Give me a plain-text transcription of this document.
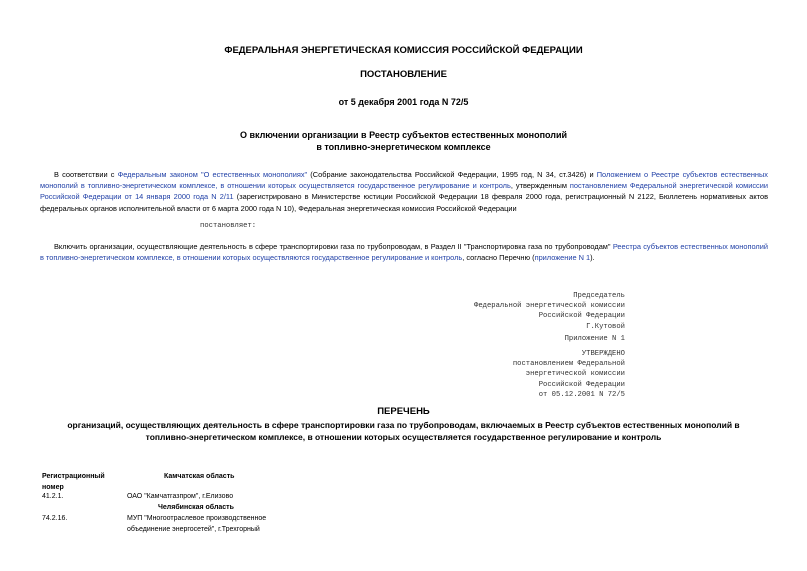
ФЕДЕРАЛЬНАЯ ЭНЕРГЕТИЧЕСКАЯ КОМИССИЯ РОССИЙСКОЙ ФЕДЕРАЦИИ
ПОСТАНОВЛЕНИЕ
от 5 декабря 2001 года N 72/5
О включении организации в Реестр субъектов естественных монополий
в топливно-энергетическом комплексе
В соответствии с Федеральным законом "О естественных монополиях" (Собрание законодательства Российской Федерации, 1995 год, N 34, ст.3426) и Положением о Реестре субъектов естественных монополий в топливно-энергетическом комплексе, в отношении которых осуществляется государственное регулирование и контроль, утвержденным постановлением Федеральной энергетической комиссии Российской Федерации от 14 января 2000 года N 2/11 (зарегистрировано в Министерстве юстиции Российской Федерации 18 февраля 2000 года, регистрационный N 2122, Бюллетень нормативных актов федеральных органов исполнительной власти от 6 марта 2000 года N 10), Федеральная энергетическая комиссия Российской Федерации
постановляет:
Включить организации, осуществляющие деятельность в сфере транспортировки газа по трубопроводам, в Раздел II "Транспортировка газа по трубопроводам" Реестра субъектов естественных монополий в топливно-энергетическом комплексе, в отношении которых осуществляются государственное регулирование и контроль, согласно Перечню (приложение N 1).
Председатель
Федеральной энергетической комиссии
Российской Федерации
Г.Кутовой
Приложение N 1
УТВЕРЖДЕНО
постановлением Федеральной
энергетической комиссии
Российской Федерации
от 05.12.2001 N 72/5
ПЕРЕЧЕНЬ
организаций, осуществляющих деятельность в сфере транспортировки газа по трубопроводам, включаемых в Реестр субъектов естественных монополий в
топливно-энергетическом комплексе, в отношении которых осуществляется государственное регулирование и контроль
Регистрационный
номер
Камчатская область
41.2.1.	ОАО "Камчатгазпром", г.Елизово
Челябинская область
74.2.16.	МУП "Многоотраслевое производственное
объединение энергосетей", г.Трехгорный
